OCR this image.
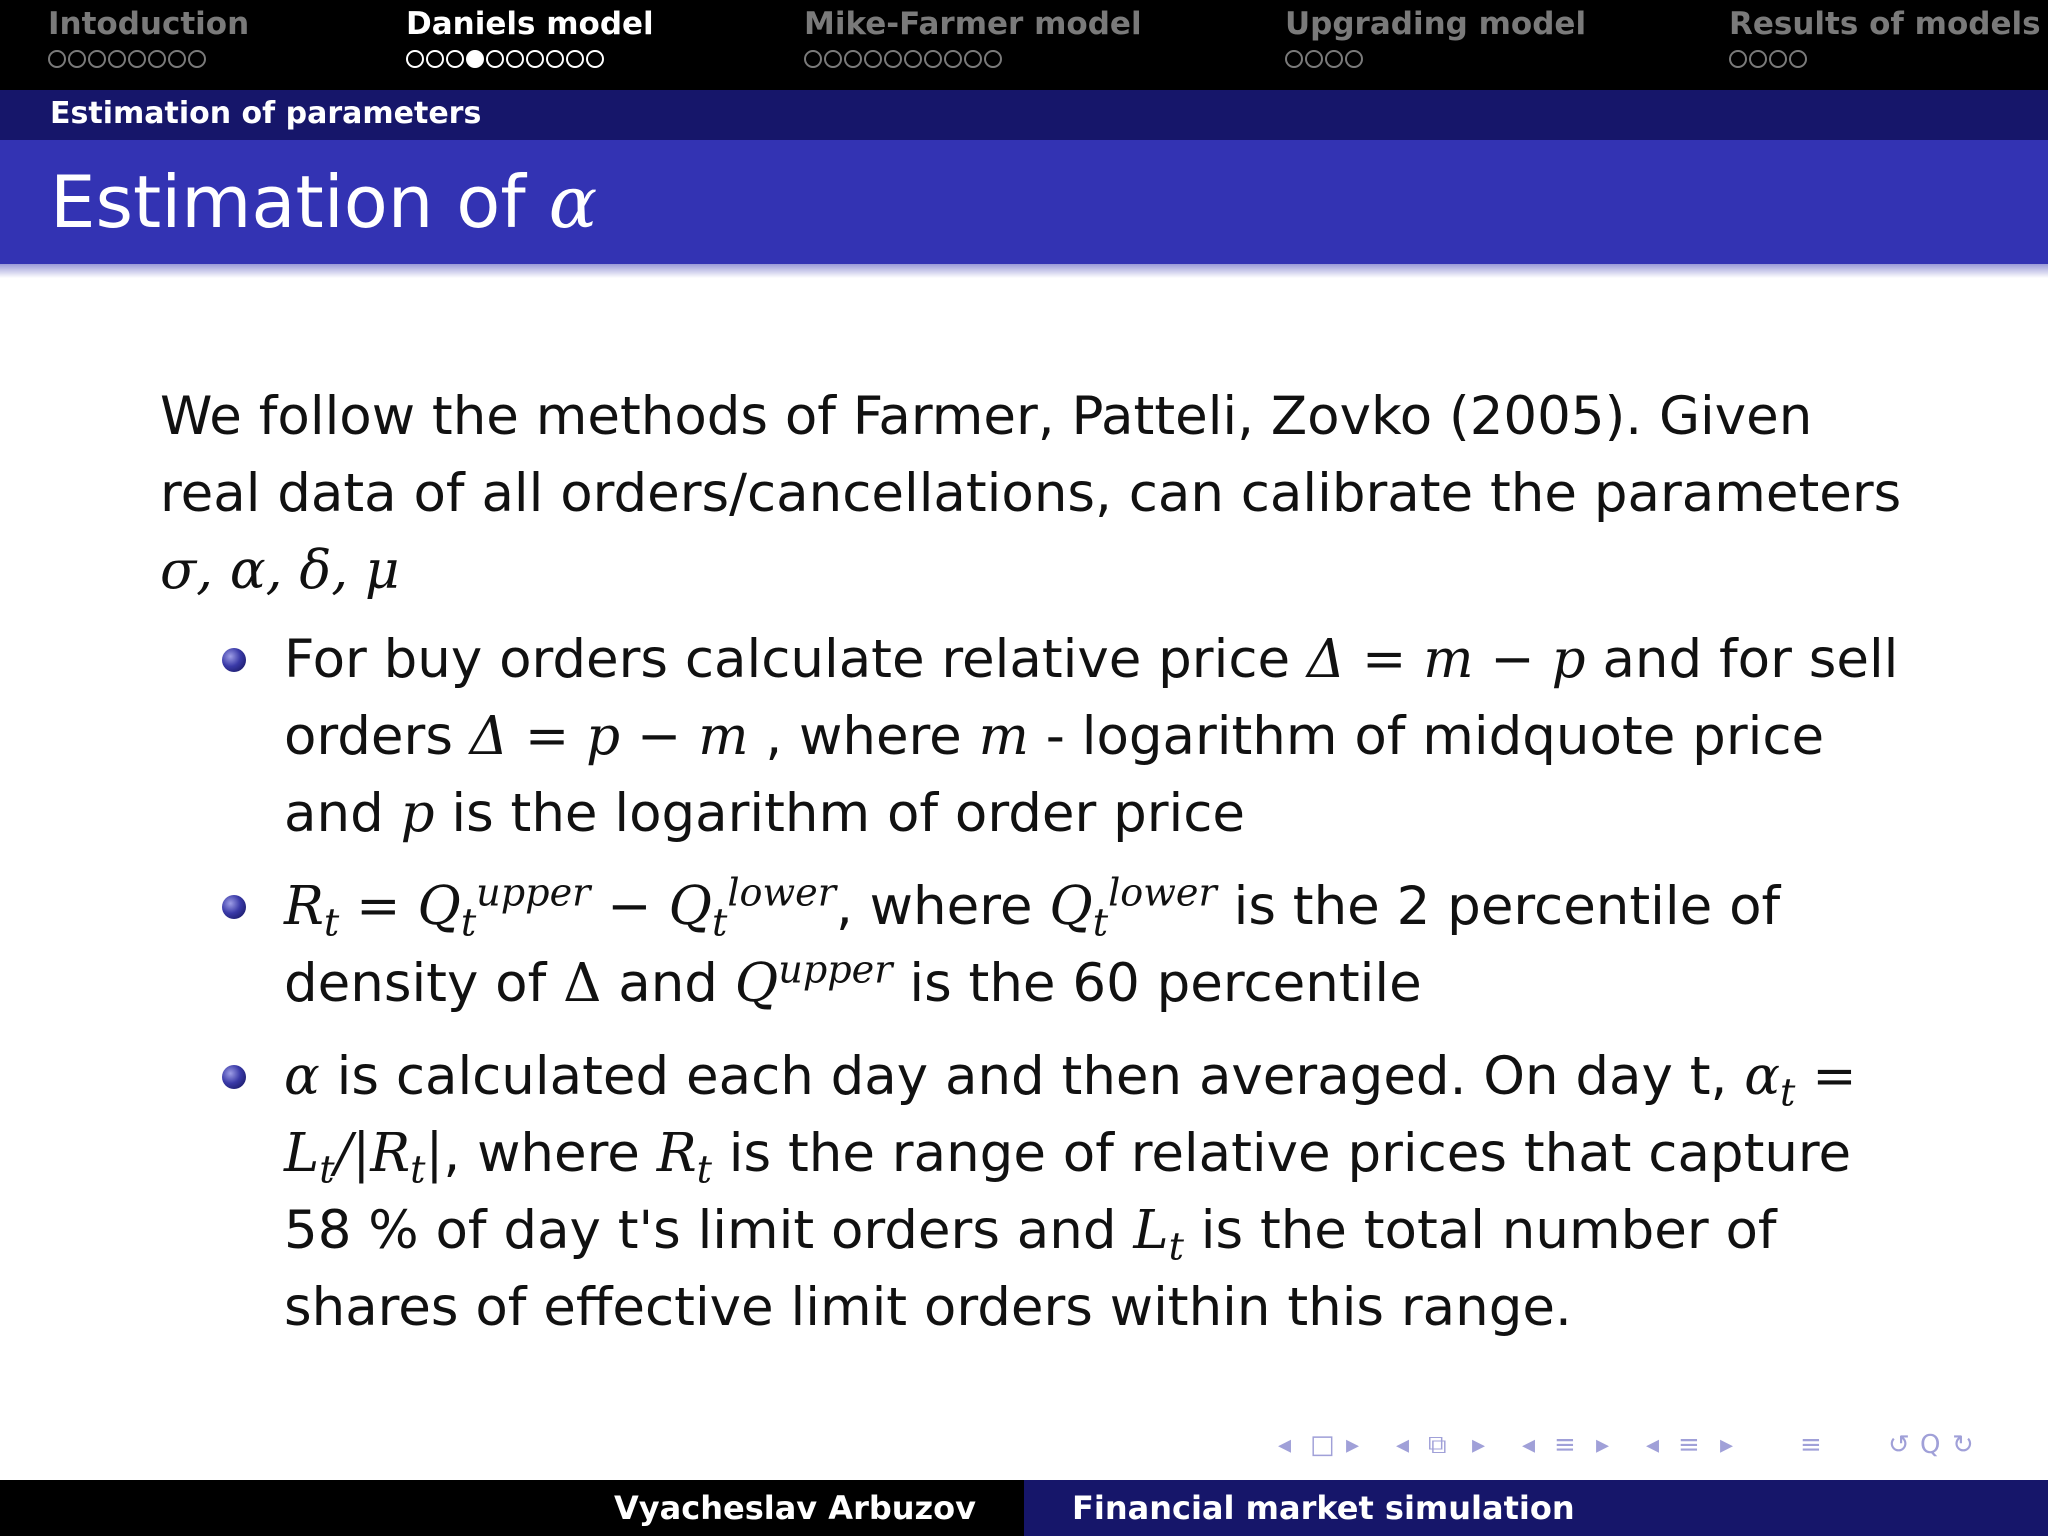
Intoduction	Daniels model	Mike-Farmer model	Upgrading model	Results of models
Estimation of parameters
Estimation of α

We follow the methods of Farmer, Patteli, Zovko (2005). Given
real data of all orders/cancellations, can calibrate the parameters
σ, α, δ, μ

For buy orders calculate relative price Δ = m − p and for sell orders Δ = p − m , where m - logarithm of midquote price and p is the logarithm of order price
$R_t = Q_t^{upper} - Q_t^{lower}$, where $Q_t^{lower}$ is the 2 percentile of density of Δ and $Q^{upper}$ is the 60 percentile
α is calculated each day and then averaged. On day t, $\alpha_t = L_t/|R_t|$, where $R_t$ is the range of relative prices that capture 58 % of day t's limit orders and $L_t$ is the total number of shares of effective limit orders within this range.
◂ □ ▸ ◂ ⧉ ▸ ◂ ≡ ▸ ◂ ≡ ▸	≡	↺ Q ↻
Vyacheslav Arbuzov	Financial market simulation
